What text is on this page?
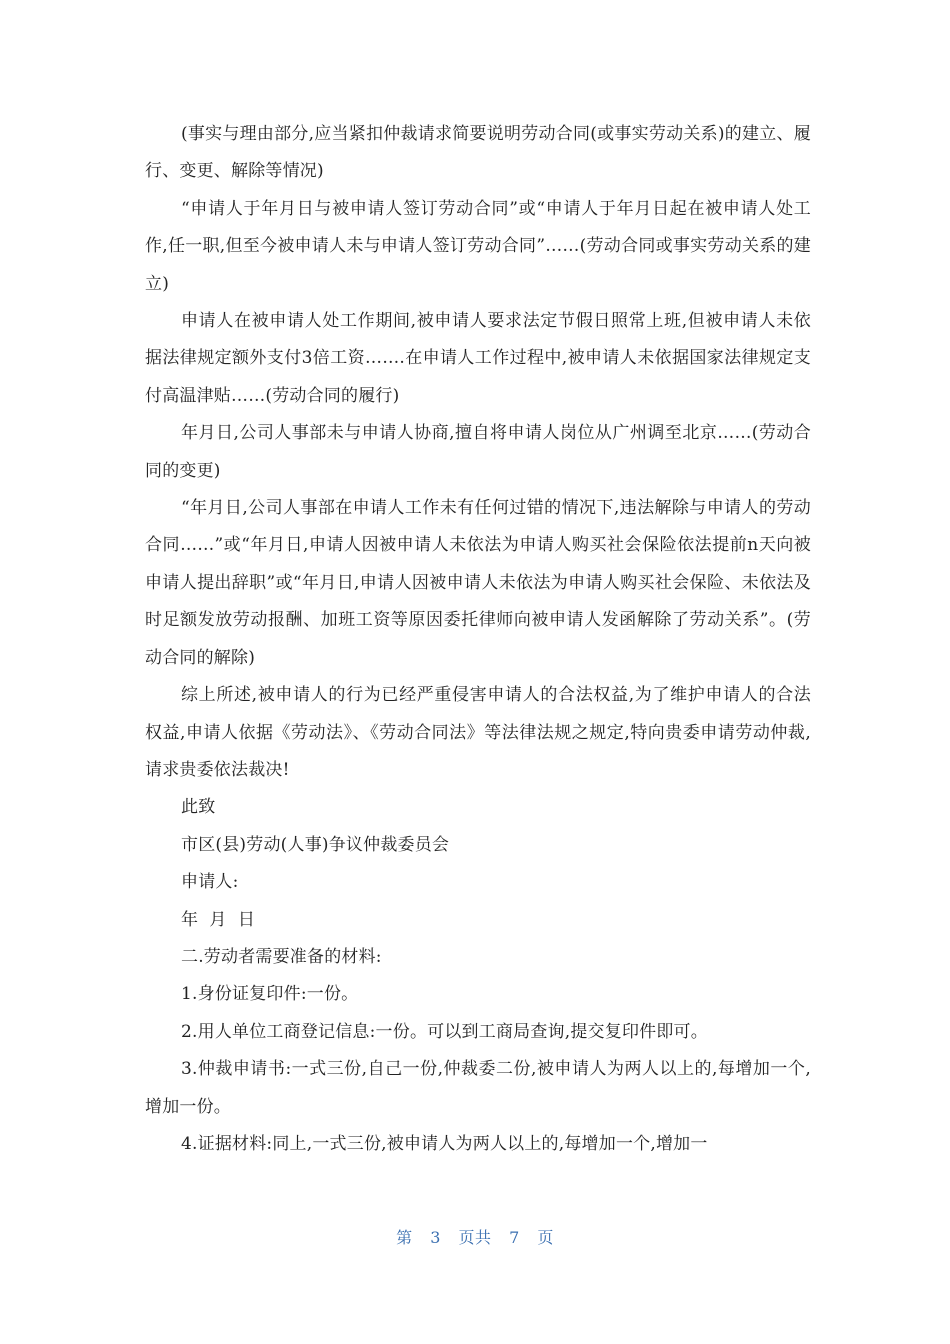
(事实与理由部分,应当紧扣仲裁请求简要说明劳动合同(或事实劳动关系)的建立、履行、变更、解除等情况)

“申请人于年月日与被申请人签订劳动合同”或“申请人于年月日起在被申请人处工作,任一职,但至今被申请人未与申请人签订劳动合同”……(劳动合同或事实劳动关系的建立)

申请人在被申请人处工作期间,被申请人要求法定节假日照常上班,但被申请人未依据法律规定额外支付3倍工资…….在申请人工作过程中,被申请人未依据国家法律规定支付高温津贴……(劳动合同的履行)

年月日,公司人事部未与申请人协商,擅自将申请人岗位从广州调至北京……(劳动合同的变更)

“年月日,公司人事部在申请人工作未有任何过错的情况下,违法解除与申请人的劳动合同……”或“年月日,申请人因被申请人未依法为申请人购买社会保险依法提前n天向被申请人提出辞职”或“年月日,申请人因被申请人未依法为申请人购买社会保险、未依法及时足额发放劳动报酬、加班工资等原因委托律师向被申请人发函解除了劳动关系”。(劳动合同的解除)

综上所述,被申请人的行为已经严重侵害申请人的合法权益,为了维护申请人的合法权益,申请人依据《劳动法》、《劳动合同法》等法律法规之规定,特向贵委申请劳动仲裁,请求贵委依法裁决!

此致

市区(县)劳动(人事)争议仲裁委员会

申请人:

年  月  日

二.劳动者需要准备的材料:

1.身份证复印件:一份。

2.用人单位工商登记信息:一份。可以到工商局查询,提交复印件即可。

3.仲裁申请书:一式三份,自己一份,仲裁委二份,被申请人为两人以上的,每增加一个,增加一份。

4.证据材料:同上,一式三份,被申请人为两人以上的,每增加一个,增加一

第 3 页共 7 页
